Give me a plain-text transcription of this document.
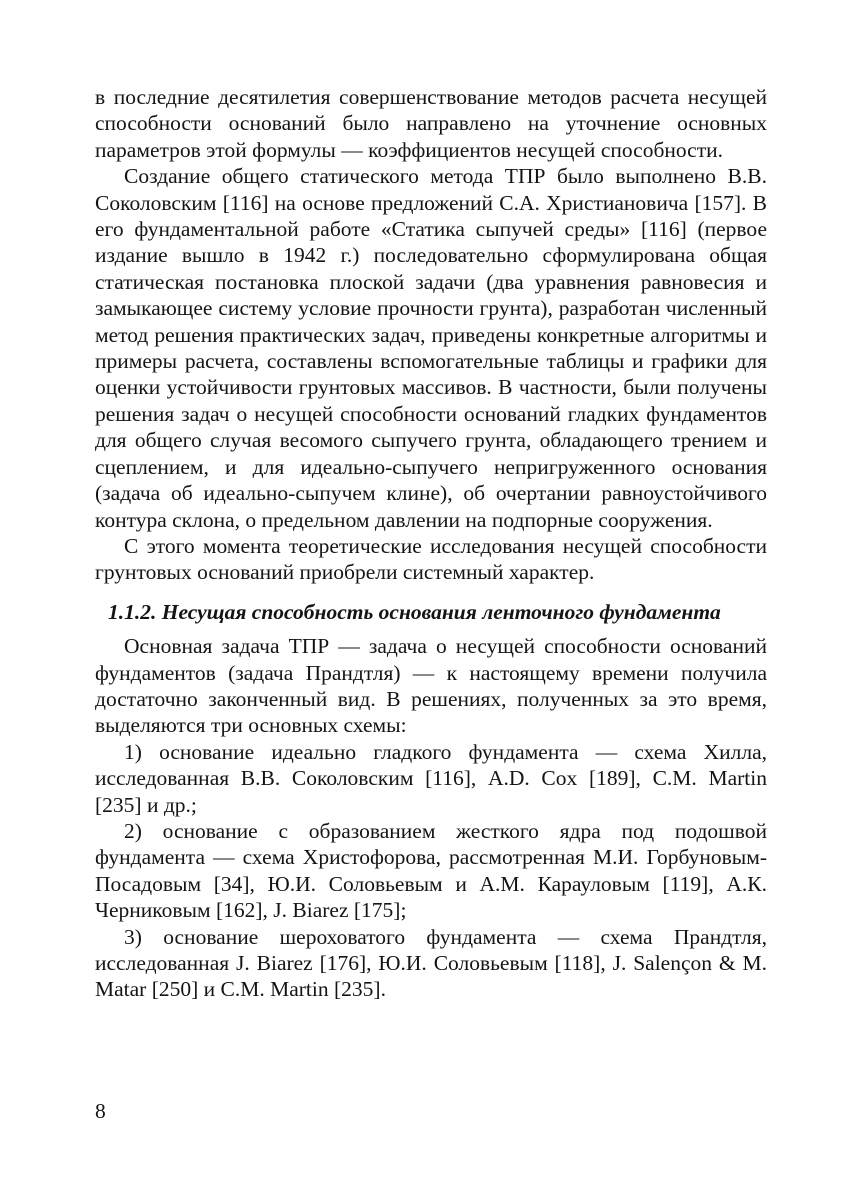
в последние десятилетия совершенствование методов расчета несущей способности оснований было направлено на уточнение основных параметров этой формулы — коэффициентов несущей способности.

Создание общего статического метода ТПР было выполнено В.В. Соколовским [116] на основе предложений С.А. Христиановича [157]. В его фундаментальной работе «Статика сыпучей среды» [116] (первое издание вышло в 1942 г.) последовательно сформулирована общая статическая постановка плоской задачи (два уравнения равновесия и замыкающее систему условие прочности грунта), разработан численный метод решения практических задач, приведены конкретные алгоритмы и примеры расчета, составлены вспомогательные таблицы и графики для оценки устойчивости грунтовых массивов. В частности, были получены решения задач о несущей способности оснований гладких фундаментов для общего случая весомого сыпучего грунта, обладающего трением и сцеплением, и для идеально-сыпучего непригруженного основания (задача об идеально-сыпучем клине), об очертании равноустойчивого контура склона, о предельном давлении на подпорные сооружения.

С этого момента теоретические исследования несущей способности грунтовых оснований приобрели системный характер.

1.1.2. Несущая способность основания ленточного фундамента

Основная задача ТПР — задача о несущей способности оснований фундаментов (задача Прандтля) — к настоящему времени получила достаточно законченный вид. В решениях, полученных за это время, выделяются три основных схемы:

1) основание идеально гладкого фундамента — схема Хилла, исследованная В.В. Соколовским [116], A.D. Cox [189], C.M. Martin [235] и др.;

2) основание с образованием жесткого ядра под подошвой фундамента — схема Христофорова, рассмотренная М.И. Горбуновым-Посадовым [34], Ю.И. Соловьевым и А.М. Карауловым [119], А.К. Черниковым [162], J. Biarez [175];

3) основание шероховатого фундамента — схема Прандтля, исследованная J. Biarez [176], Ю.И. Соловьевым [118], J. Salençon & M. Matar [250] и C.M. Martin [235].

8
